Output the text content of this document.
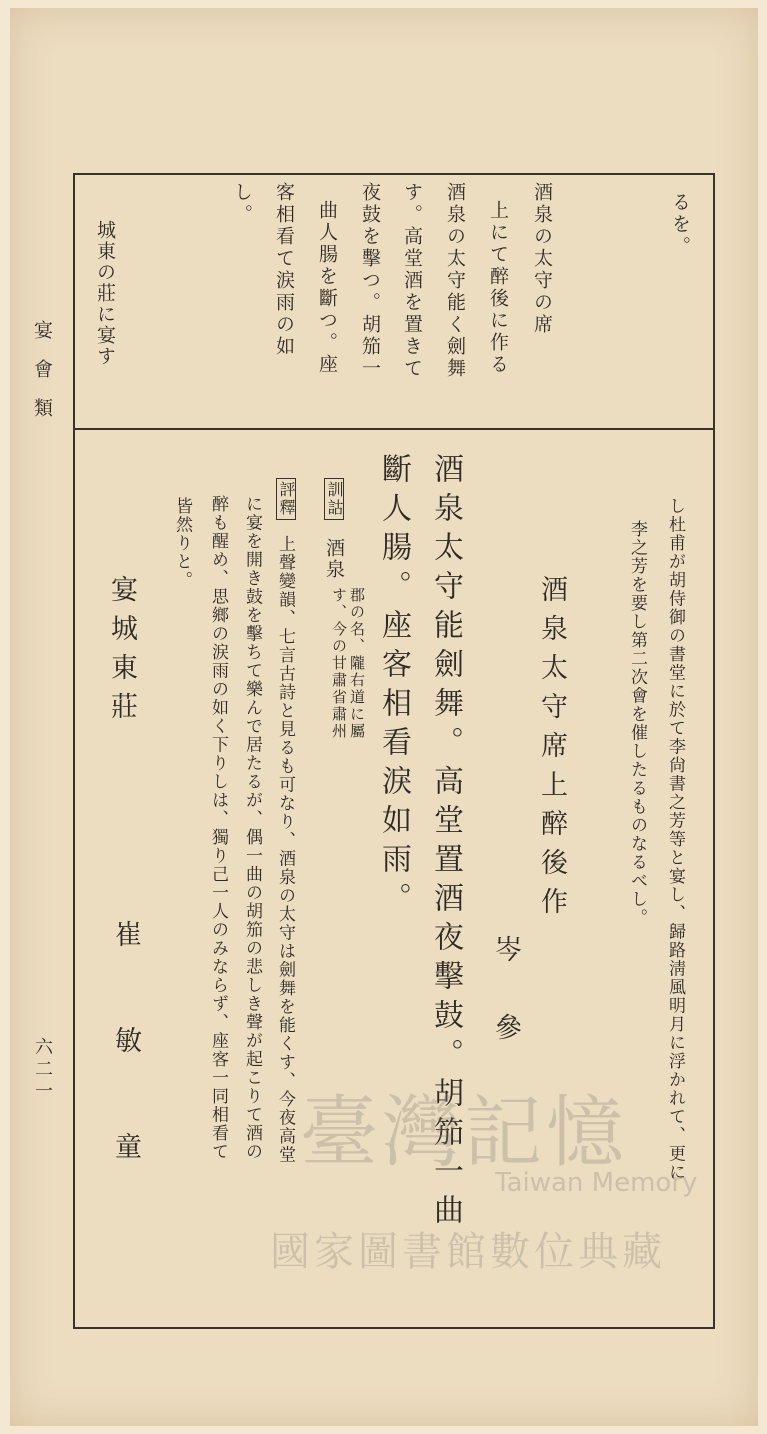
宴會類
六二一
るを。
酒泉の太守の席
上にて醉後に作る
酒泉の太守能く劍舞
す。高堂酒を置きて
夜鼓を擊つ。胡笳一
曲人腸を斷つ。座
客相看て涙雨の如
し。
城東の莊に宴す
し杜甫が胡侍御の書堂に於て李尙書之芳等と宴し、歸路淸風明月に浮かれて、更に
李之芳を要し第二次會を催したるものなるべし。
酒泉太守席上醉後作
岑　參
酒泉太守能劍舞。高堂置酒夜擊鼓。胡笳一曲
斷人腸。座客相看淚如雨。
訓詁
酒泉
郡の名、隴右道に屬
す、今の甘肅省肅州
評釋
上聲變韻、七言古詩と見るも可なり、酒泉の太守は劍舞を能くす、今夜高堂
に宴を開き鼓を擊ちて樂んで居たるが、偶一曲の胡笳の悲しき聲が起こりて酒の
醉も醒め、思鄉の涙雨の如く下りしは、獨り己一人のみならず、座客一同相看て
皆然りと。
宴城東莊
崔　敏　童 臺灣記憶
Taiwan Memory
國家圖書館數位典藏
